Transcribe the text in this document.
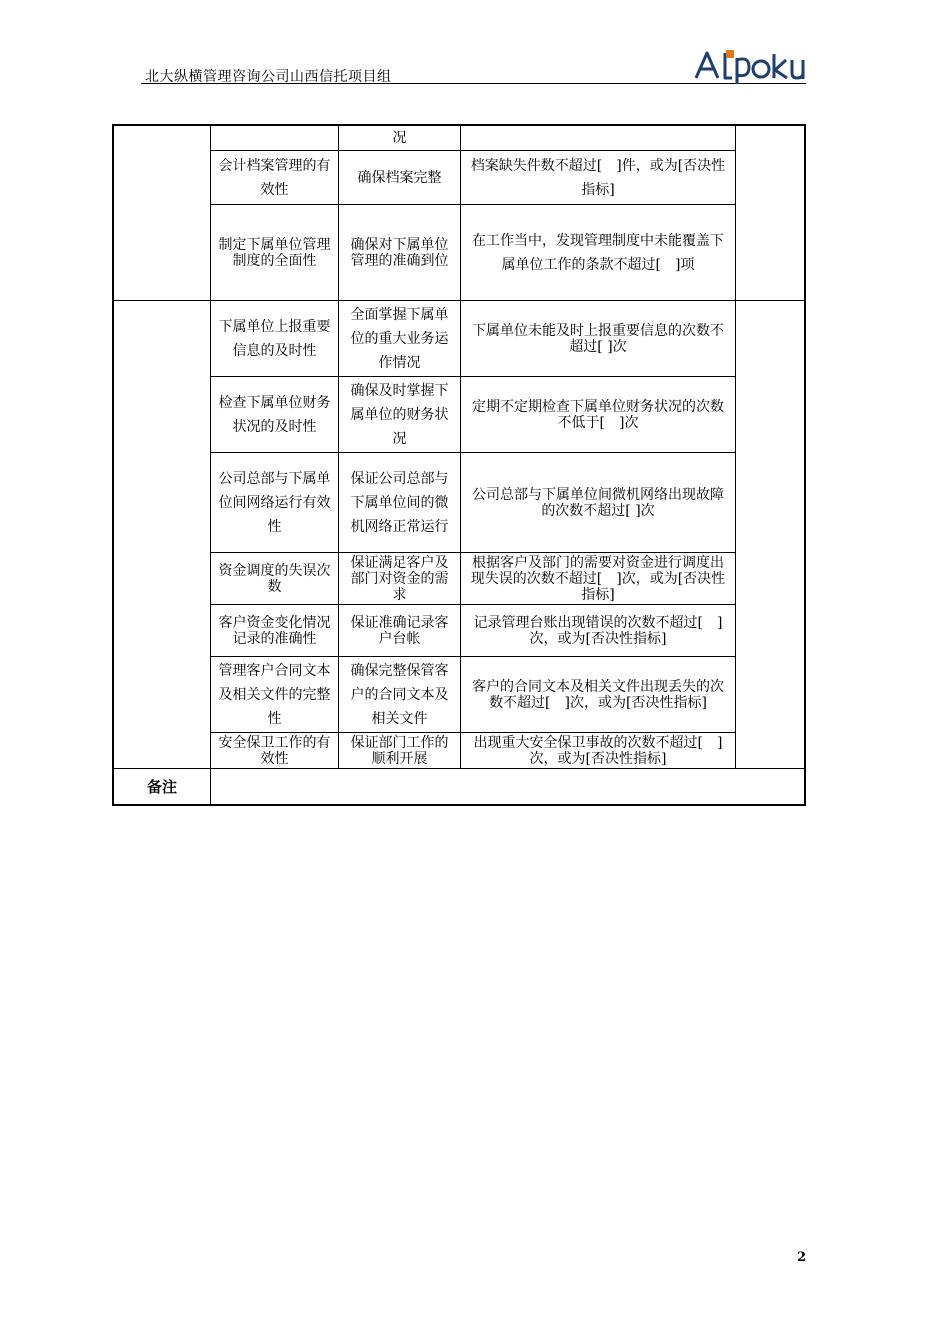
北大纵横管理咨询公司山西信托项目组
		况		
	会计档案管理的有效性	确保档案完整	档案缺失件数不超过[　]件，或为[否决性指标]	
	制定下属单位管理制度的全面性	确保对下属单位管理的准确到位	在工作当中，发现管理制度中未能覆盖下属单位工作的条款不超过[　]项	
	下属单位上报重要信息的及时性	全面掌握下属单位的重大业务运作情况	下属单位未能及时上报重要信息的次数不超过[ ]次	
	检查下属单位财务状况的及时性	确保及时掌握下属单位的财务状况	定期不定期检查下属单位财务状况的次数不低于[　]次	
	公司总部与下属单位间网络运行有效性	保证公司总部与下属单位间的微机网络正常运行	公司总部与下属单位间微机网络出现故障的次数不超过[ ]次	
	资金调度的失误次数	保证满足客户及部门对资金的需求	根据客户及部门的需要对资金进行调度出现失误的次数不超过[　]次，或为[否决性指标]	
	客户资金变化情况记录的准确性	保证准确记录客户台帐	记录管理台账出现错误的次数不超过[　]次，或为[否决性指标]	
	管理客户合同文本及相关文件的完整性	确保完整保管客户的合同文本及相关文件	客户的合同文本及相关文件出现丢失的次数不超过[　]次，或为[否决性指标]	
	安全保卫工作的有效性	保证部门工作的顺利开展	出现重大安全保卫事故的次数不超过[　]次，或为[否决性指标]	
备注				
2
